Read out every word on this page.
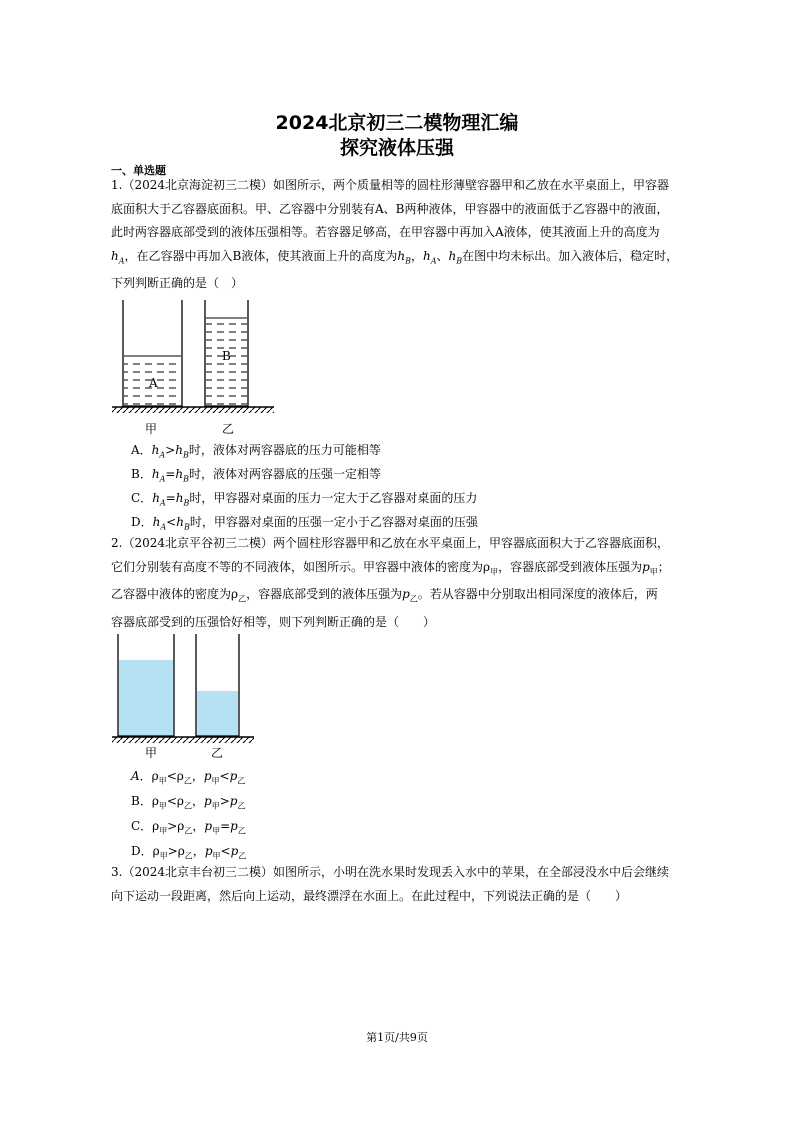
2024北京初三二模物理汇编
探究液体压强
一、单选题

1.（2024北京海淀初三二模）如图所示，两个质量相等的圆柱形薄壁容器甲和乙放在水平桌面上，甲容器

底面积大于乙容器底面积。甲、乙容器中分别装有A、B两种液体，甲容器中的液面低于乙容器中的液面，

此时两容器底部受到的液体压强相等。若容器足够高，在甲容器中再加入A液体，使其液面上升的高度为

$h_A$，在乙容器中再加入B液体，使其液面上升的高度为$h_B$，$h_A$、$h_B$在图中均未标出。加入液体后，稳定时，

下列判断正确的是（　）

A
B
甲	乙
A．$h_A>h_B$时，液体对两容器底的压力可能相等
B．$h_A=h_B$时，液体对两容器底的压强一定相等
C．$h_A=h_B$时，甲容器对桌面的压力一定大于乙容器对桌面的压力
D．$h_A<h_B$时，甲容器对桌面的压强一定小于乙容器对桌面的压强

2.（2024北京平谷初三二模）两个圆柱形容器甲和乙放在水平桌面上，甲容器底面积大于乙容器底面积，

它们分别装有高度不等的不同液体，如图所示。甲容器中液体的密度为$\rho_甲$，容器底部受到液体压强为$p_甲$；

乙容器中液体的密度为$\rho_乙$，容器底部受到的液体压强为$p_乙$。若从容器中分别取出相同深度的液体后，两

容器底部受到的压强恰好相等，则下列判断正确的是（　　）

甲	乙
A．$\rho_甲<\rho_乙$，$p_甲<p_乙$
B．$\rho_甲<\rho_乙$，$p_甲>p_乙$
C．$\rho_甲>\rho_乙$，$p_甲=p_乙$
D．$\rho_甲>\rho_乙$，$p_甲<p_乙$

3.（2024北京丰台初三二模）如图所示，小明在洗水果时发现丢入水中的苹果，在全部浸没水中后会继续

向下运动一段距离，然后向上运动，最终漂浮在水面上。在此过程中，下列说法正确的是（　　）

第1页/共9页
